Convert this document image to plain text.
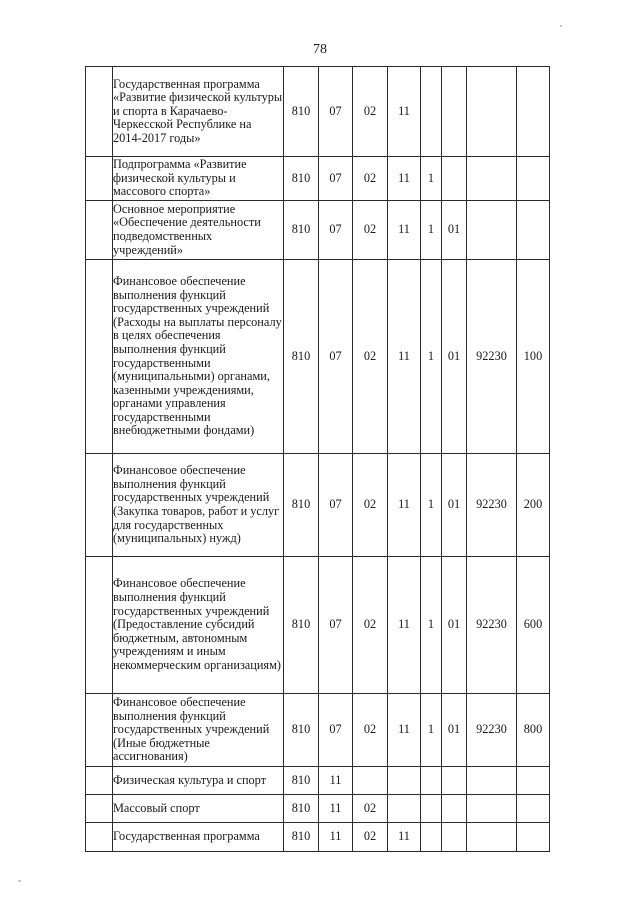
78
	Государственная программа «Развитие физической культуры и спорта в Карачаево-Черкесской Республике на 2014-2017 годы»	810	07	02	11					
	Подпрограмма «Развитие физической культуры и массового спорта»	810	07	02	11	1				
	Основное мероприятие «Обеспечение деятельности подведомственных учреждений»	810	07	02	11	1	01			
	Финансовое обеспечение выполнения функций государственных учреждений (Расходы на выплаты персоналу в целях обеспечения выполнения функций государственными (муниципальными) органами, казенными учреждениями, органами управления государственными внебюджетными фондами)	810	07	02	11	1	01	92230	100	
	Финансовое обеспечение выполнения функций государственных учреждений (Закупка товаров, работ и услуг для государственных (муниципальных) нужд)	810	07	02	11	1	01	92230	200	
	Финансовое обеспечение выполнения функций государственных учреждений (Предоставление субсидий бюджетным, автономным учреждениям и иным некоммерческим организациям)	810	07	02	11	1	01	92230	600	
	Финансовое обеспечение выполнения функций государственных учреждений (Иные бюджетные ассигнования)	810	07	02	11	1	01	92230	800	
	Физическая культура и спорт	810	11							
	Массовый спорт	810	11	02						
	Государственная программа	810	11	02	11					
